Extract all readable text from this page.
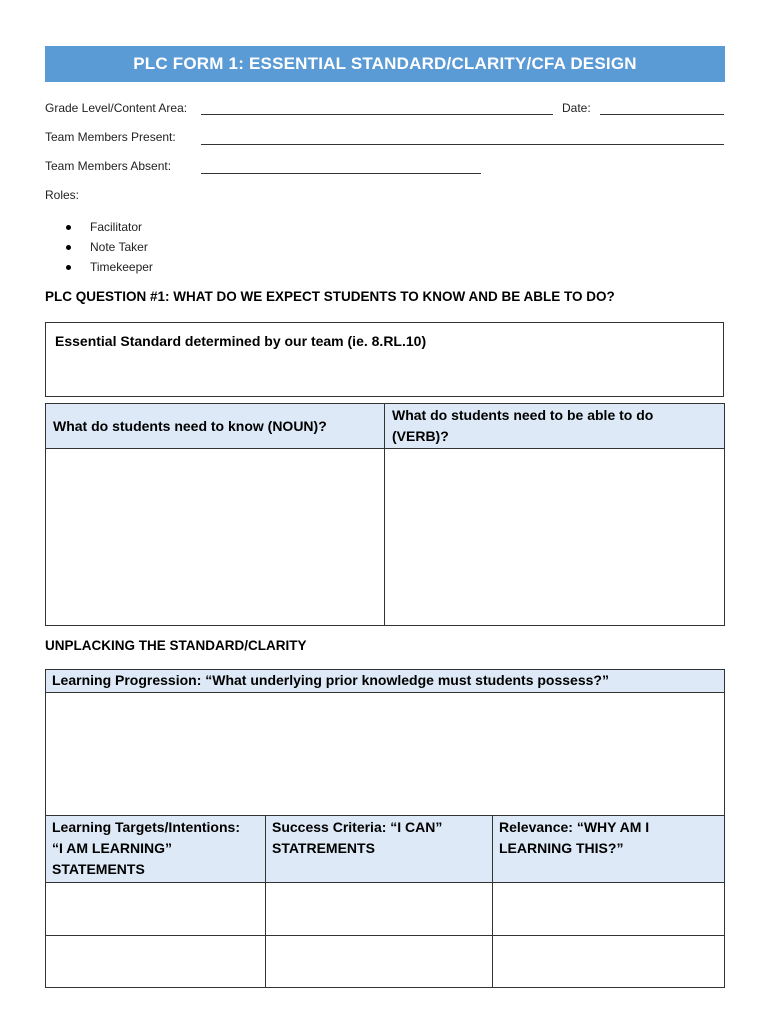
PLC FORM 1: ESSENTIAL STANDARD/CLARITY/CFA DESIGN
Grade Level/Content Area:	Date:
Team Members Present:
Team Members Absent:
Roles:
Facilitator
Note Taker
Timekeeper
PLC QUESTION #1: WHAT DO WE EXPECT STUDENTS TO KNOW AND BE ABLE TO DO?
Essential Standard determined by our team (ie. 8.RL.10)
What do students need to know (NOUN)?
What do students need to be able to do (VERB)?
UNPLACKING THE STANDARD/CLARITY
Learning Progression: “What underlying prior knowledge must students possess?”
Learning Targets/Intentions: “I AM LEARNING” STATEMENTS
Success Criteria: “I CAN” STATREMENTS
Relevance: “WHY AM I LEARNING THIS?”
